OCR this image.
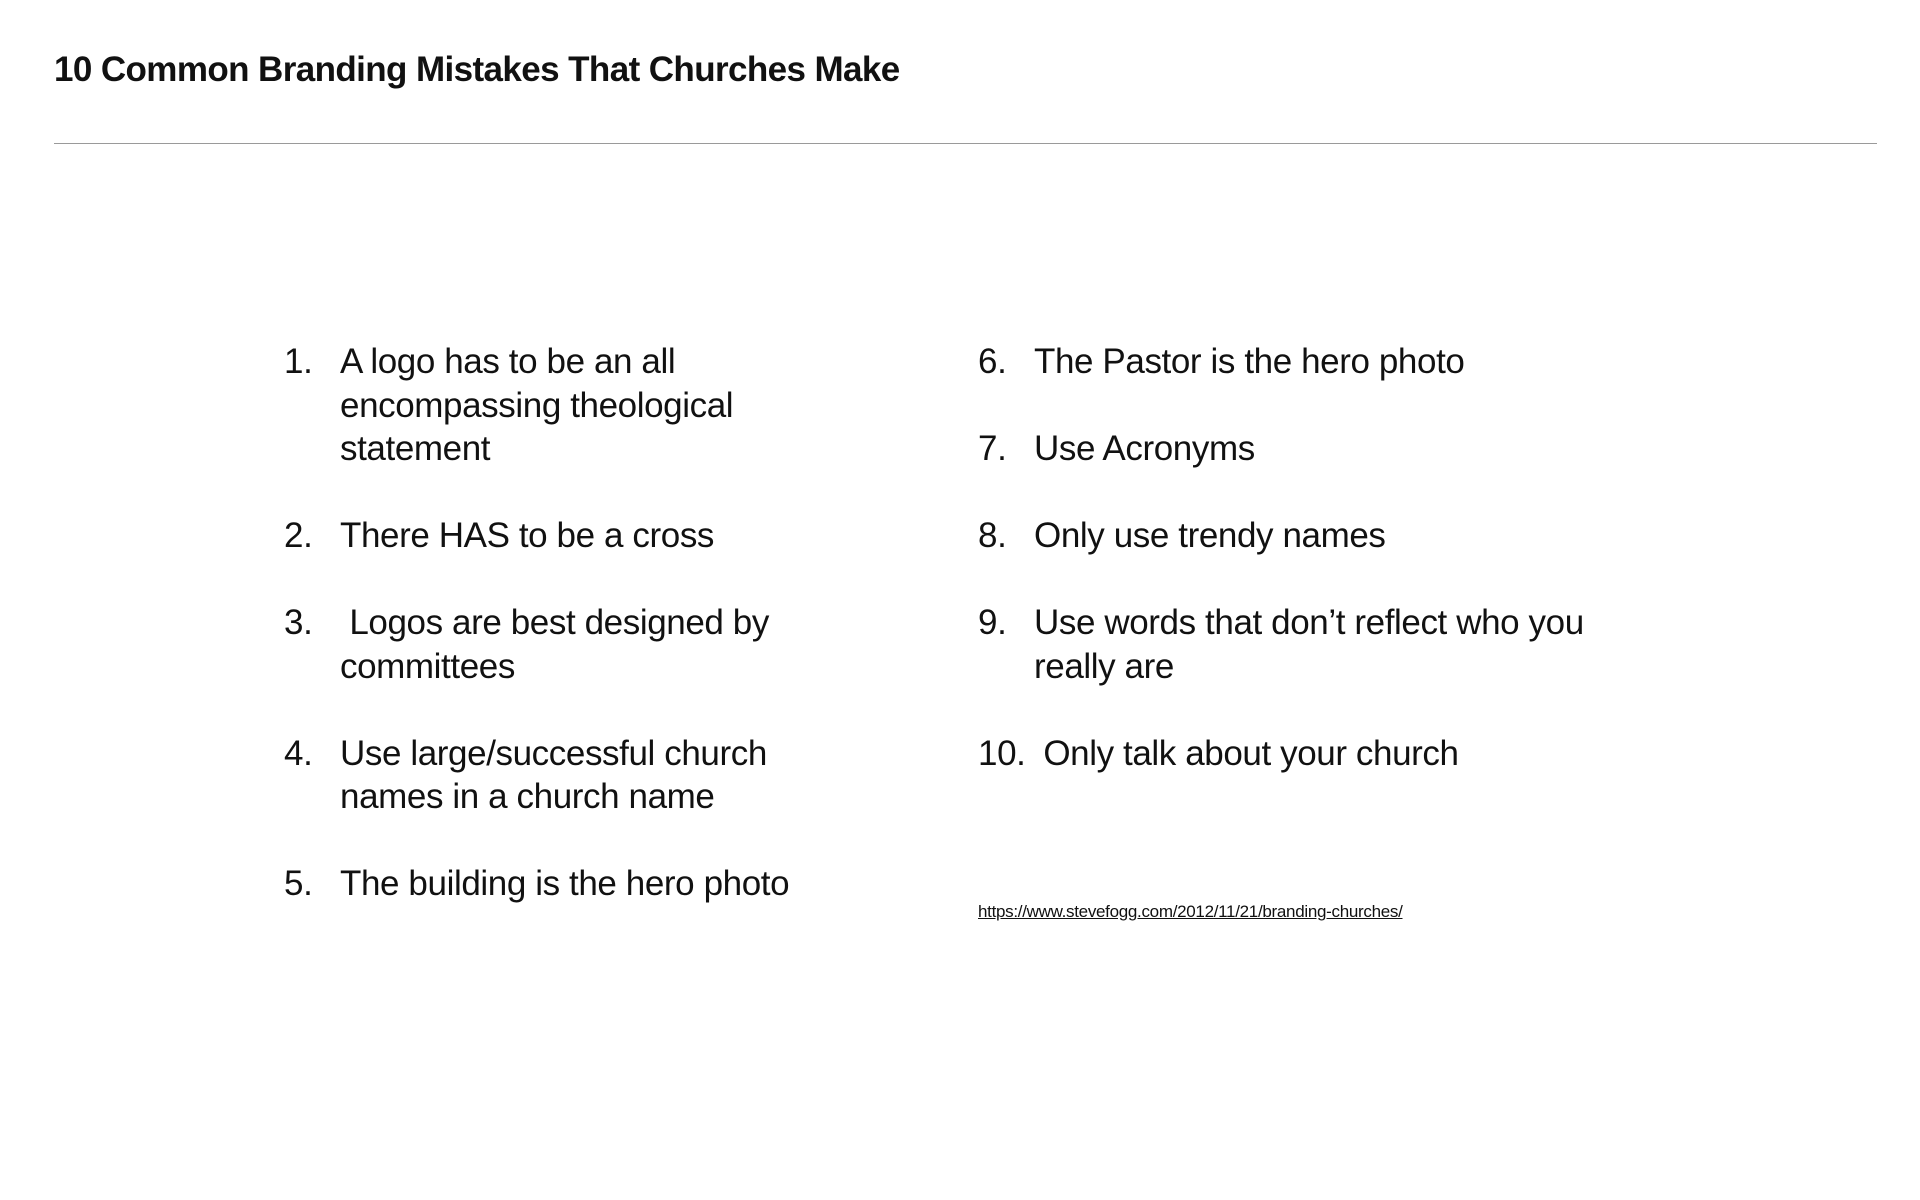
10 Common Branding Mistakes That Churches Make
1. A logo has to be an all encompassing theological statement
2. There HAS to be a cross
3. Logos are best designed by committees
4. Use large/successful church names in a church name
5. The building is the hero photo
6. The Pastor is the hero photo
7. Use Acronyms
8. Only use trendy names
9. Use words that don’t reflect who you really are
10. Only talk about your church
https://www.stevefogg.com/2012/11/21/branding-churches/
